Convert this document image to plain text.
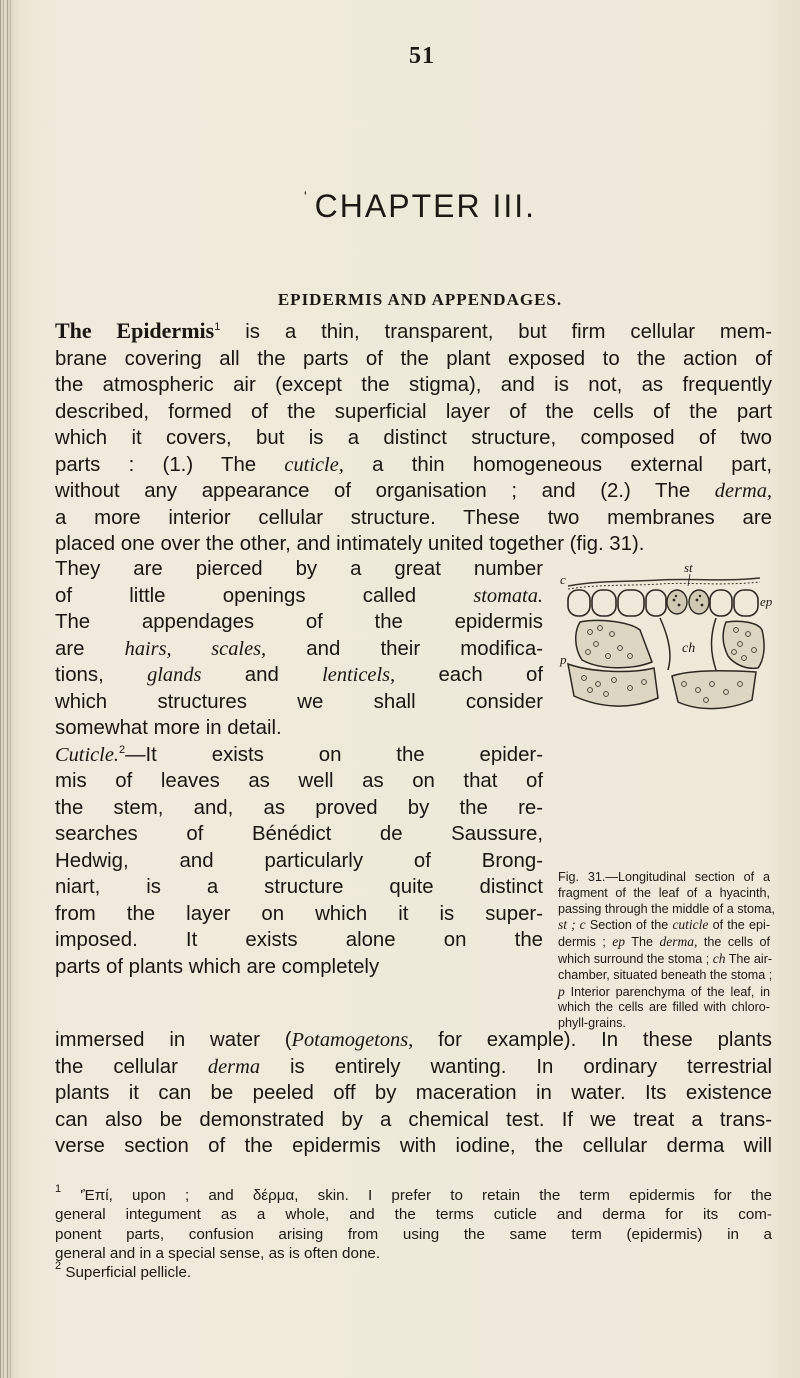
51
' CHAPTER III.
EPIDERMIS AND APPENDAGES.
The Epidermis$^1$ is a thin, transparent, but firm cellular mem-
brane covering all the parts of the plant exposed to the action of
the atmospheric air (except the stigma), and is not, as frequently
described, formed of the superficial layer of the cells of the part
which it covers, but is a distinct structure, composed of two
parts : (1.) The cuticle, a thin homogeneous external part,
without any appearance of organisation ; and (2.) The derma,
a more interior cellular structure. These two membranes are
placed one over the other, and intimately united together (fig. 31).
They are pierced by a great number
of little openings called stomata.
The appendages of the epidermis
are hairs, scales, and their modifica-
tions, glands and lenticels, each of
which structures we shall consider
somewhat more in detail.
Cuticle.$^2$—It exists on the epider-
mis of leaves as well as on that of
the stem, and, as proved by the re-
searches of Bénédict de Saussure,
Hedwig, and particularly of Brong-
niart, is a structure quite distinct
from the layer on which it is super-
imposed. It exists alone on the
parts of plants which are completely
immersed in water (Potamogetons, for example). In these plants
the cellular derma is entirely wanting. In ordinary terrestrial
plants it can be peeled off by maceration in water. Its existence
can also be demonstrated by a chemical test. If we treat a trans-
verse section of the epidermis with iodine, the cellular derma will
c
st
ep
ch
p
Fig. 31.—Longitudinal section of a
fragment of the leaf of a hyacinth,
passing through the middle of a stoma,
st ; c Section of the cuticle of the epi-
dermis ; ep The derma, the cells of
which surround the stoma ; ch The air-
chamber, situated beneath the stoma ;
p Interior parenchyma of the leaf, in
which the cells are filled with chloro-
phyll-grains.
$^1$ 'Ἐπί, upon ; and δέρμα, skin. I prefer to retain the term epidermis for the
general integument as a whole, and the terms cuticle and derma for its com-
ponent parts, confusion arising from using the same term (epidermis) in a
general and in a special sense, as is often done.
$^2$ Superficial pellicle.
